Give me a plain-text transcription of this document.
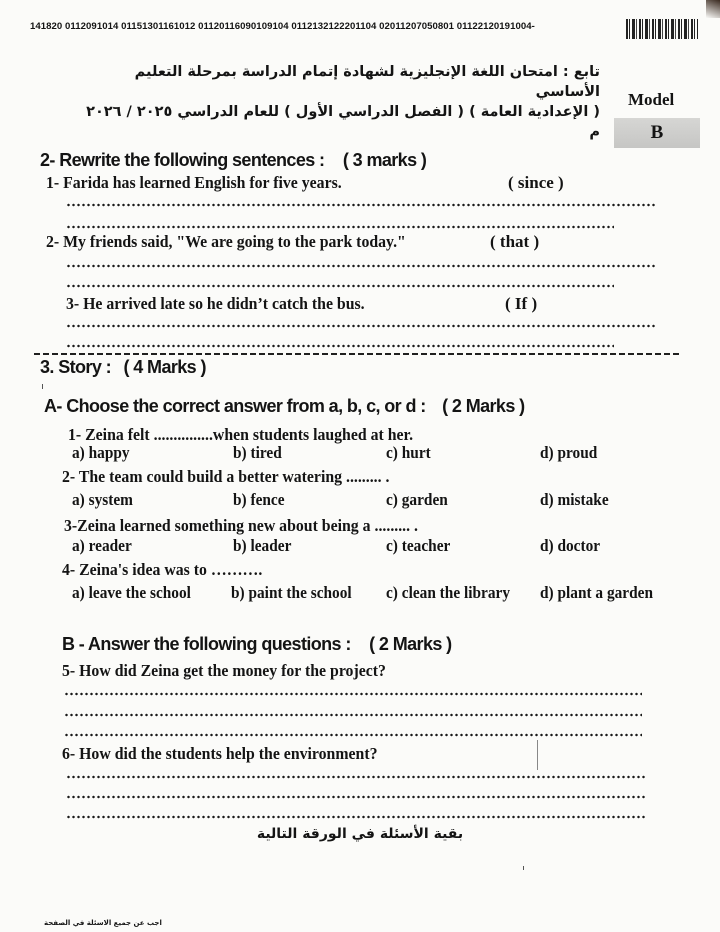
141820 0112091014 01151301161012 01120116090109104 0112132122201104 02011207050801 01122120191004-
تابع : امتحان اللغة الإنجليزية لشهادة إتمام الدراسة بمرحلة التعليم الأساسي
( الإعدادية العامة ) ( الفصل الدراسي الأول ) للعام الدراسي ٢٠٢٥ / ٢٠٢٦ م
Model
B
2- Rewrite the following sentences : ( 3 marks )
1- Farida has learned English for five years.	( since )
2- My friends said, "We are going to the park today."	( that )
3- He arrived late so he didn’t catch the bus.	( If )
3. Story : ( 4 Marks )
A- Choose the correct answer from a, b, c, or d : ( 2 Marks )
1- Zeina felt ...............when students laughed at her.
a) happy	b) tired	c) hurt	d) proud
2- The team could build a better watering ......... .
a) system	b) fence	c) garden	d) mistake
3-Zeina learned something new about being a ......... .
a) reader	b) leader	c) teacher	d) doctor
4- Zeina's idea was to ……….
a) leave the school b) paint the school c) clean the library d) plant a garden
B - Answer the following questions : ( 2 Marks )
5- How did Zeina get the money for the project?
6- How did the students help the environment?
بقية الأسئلة في الورقة التالية
اجب عن جميع الاسئلة في الصفحة
